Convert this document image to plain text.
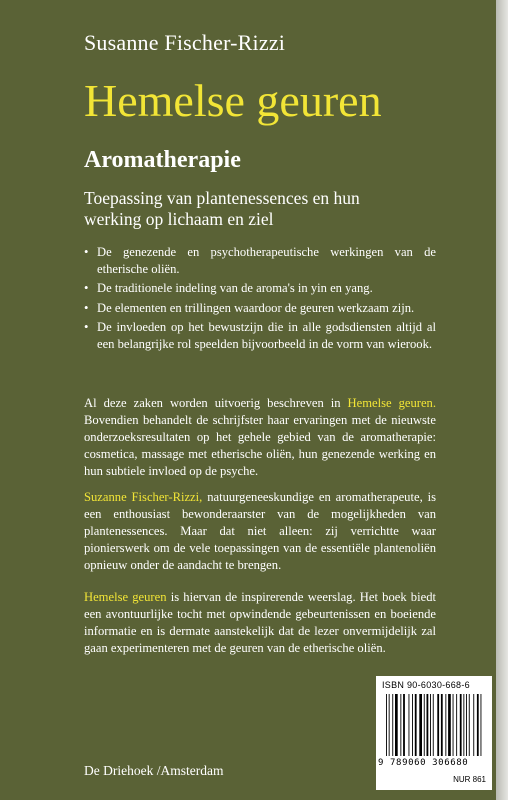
Susanne Fischer-Rizzi
Hemelse geuren
Aromatherapie
Toepassing van plantenessences en hun werking op lichaam en ziel
• De genezende en psychotherapeutische werkingen van de etherische oliën.
• De traditionele indeling van de aroma's in yin en yang.
• De elementen en trillingen waardoor de geuren werkzaam zijn.
• De invloeden op het bewustzijn die in alle godsdiensten altijd al een belangrijke rol speelden bijvoorbeeld in de vorm van wierook.

Al deze zaken worden uitvoerig beschreven in Hemelse geuren. Bovendien behandelt de schrijfster haar ervaringen met de nieuwste onderzoeksresultaten op het gehele gebied van de aromatherapie: cosmetica, massage met etherische oliën, hun genezende werking en hun subtiele invloed op de psyche.

Suzanne Fischer-Rizzi, natuurgeneeskundige en aromatherapeute, is een enthousiast bewonderaarster van de mogelijkheden van plantenessences. Maar dat niet alleen: zij verrichtte waar pionierswerk om de vele toepassingen van de essentiële plantenoliën opnieuw onder de aandacht te brengen.

Hemelse geuren is hiervan de inspirerende weerslag. Het boek biedt een avontuurlijke tocht met opwindende gebeurtenissen en boeiende informatie en is dermate aanstekelijk dat de lezer onvermijdelijk zal gaan experimenteren met de geuren van de etherische oliën.

De Driehoek /Amsterdam
ISBN 90-6030-668-6
9 789060 306680
NUR 861
